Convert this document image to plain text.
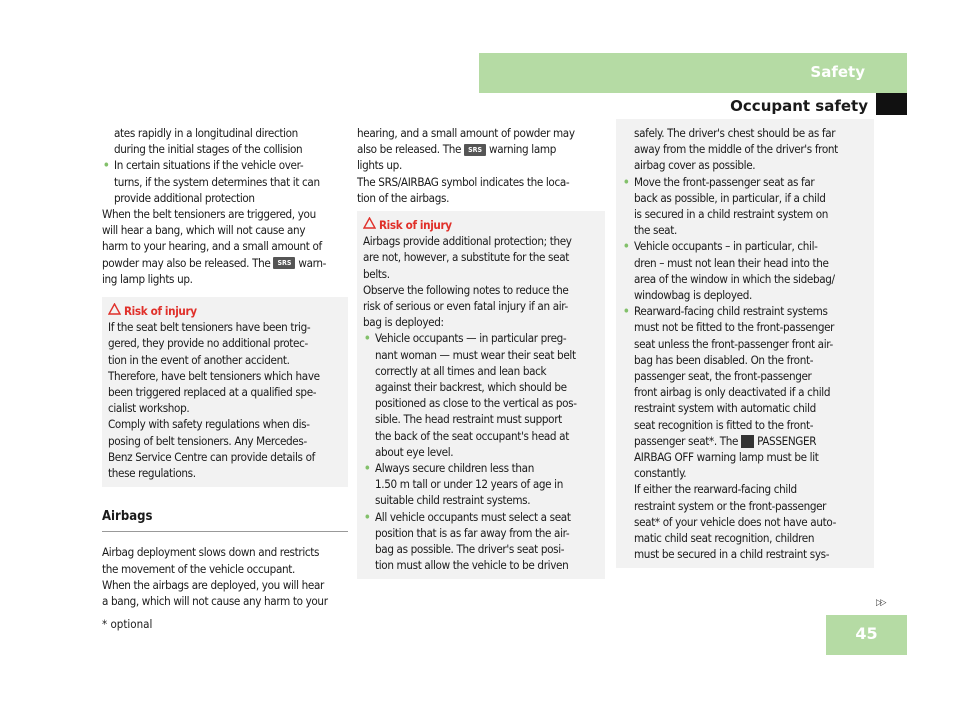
Safety
Occupant safety

ates rapidly in a longitudinal direction

during the initial stages of the collision

• In certain situations if the vehicle over-

turns, if the system determines that it can

provide additional protection

When the belt tensioners are triggered, you

will hear a bang, which will not cause any

harm to your hearing, and a small amount of

powder may also be released. The SRS warn-

ing lamp lights up.

Risk of injury

If the seat belt tensioners have been trig-

gered, they provide no additional protec-

tion in the event of another accident.

Therefore, have belt tensioners which have

been triggered replaced at a qualified spe-

cialist workshop.

Comply with safety regulations when dis-

posing of belt tensioners. Any Mercedes-

Benz Service Centre can provide details of

these regulations.

Airbags

Airbag deployment slows down and restricts

the movement of the vehicle occupant.

When the airbags are deployed, you will hear

a bang, which will not cause any harm to your

hearing, and a small amount of powder may

also be released. The SRS warning lamp

lights up.

The SRS/AIRBAG symbol indicates the loca-

tion of the airbags.

Risk of injury

Airbags provide additional protection; they

are not, however, a substitute for the seat

belts.

Observe the following notes to reduce the

risk of serious or even fatal injury if an air-

bag is deployed:

• Vehicle occupants — in particular preg-

nant woman — must wear their seat belt

correctly at all times and lean back

against their backrest, which should be

positioned as close to the vertical as pos-

sible. The head restraint must support

the back of the seat occupant's head at

about eye level.

• Always secure children less than

1.50 m tall or under 12 years of age in

suitable child restraint systems.

• All vehicle occupants must select a seat

position that is as far away from the air-

bag as possible. The driver's seat posi-

tion must allow the vehicle to be driven

safely. The driver's chest should be as far

away from the middle of the driver's front

airbag cover as possible.

• Move the front-passenger seat as far

back as possible, in particular, if a child

is secured in a child restraint system on

the seat.

• Vehicle occupants – in particular, chil-

dren – must not lean their head into the

area of the window in which the sidebag/

windowbag is deployed.

• Rearward-facing child restraint systems

must not be fitted to the front-passenger

seat unless the front-passenger front air-

bag has been disabled. On the front-

passenger seat, the front-passenger

front airbag is only deactivated if a child

restraint system with automatic child

seat recognition is fitted to the front-

passenger seat*. The PASSENGER

AIRBAG OFF warning lamp must be lit

constantly.

If either the rearward-facing child

restraint system or the front-passenger

seat* of your vehicle does not have auto-

matic child seat recognition, children

must be secured in a child restraint sys-

▷▷
* optional	45
